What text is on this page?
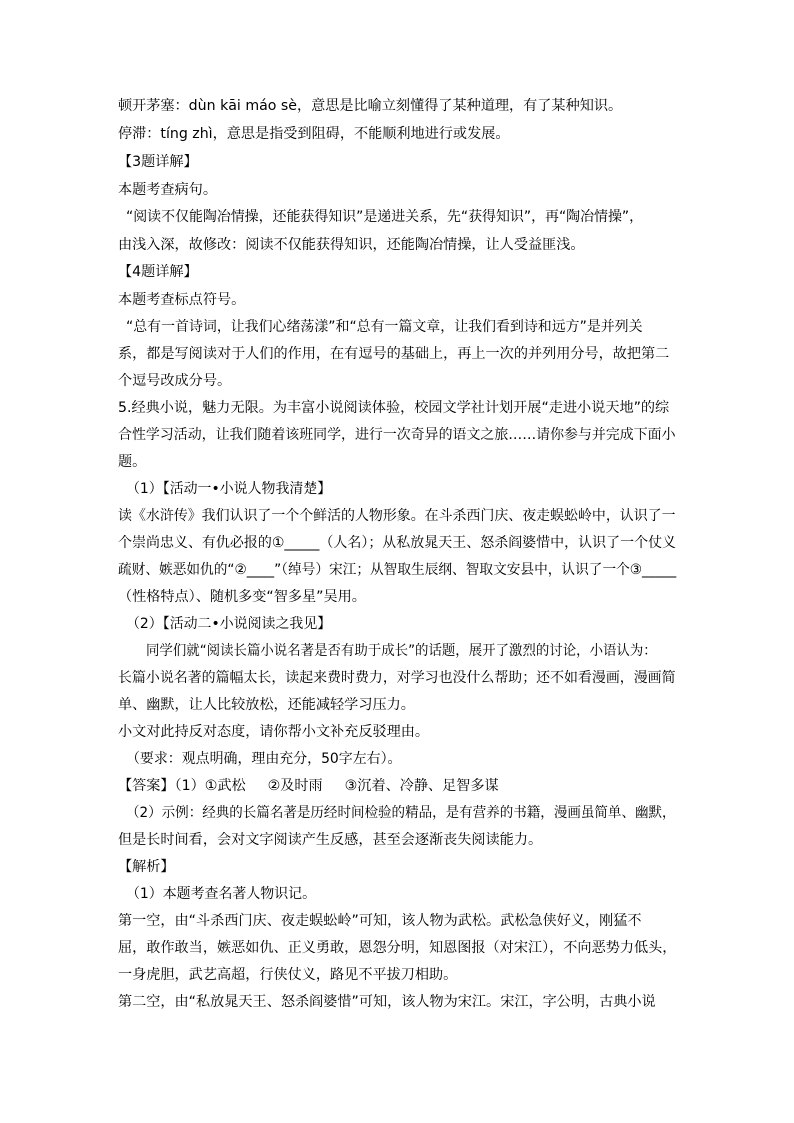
顿开茅塞：dùn kāi máo sè，意思是比喻立刻懂得了某种道理，有了某种知识。
停滞：tíng zhì，意思是指受到阻碍，不能顺利地进行或发展。
【3题详解】
本题考查病句。
“阅读不仅能陶冶情操，还能获得知识”是递进关系，先“获得知识”，再“陶冶情操”，
由浅入深，故修改：阅读不仅能获得知识，还能陶冶情操，让人受益匪浅。
【4题详解】
本题考查标点符号。
“总有一首诗词，让我们心绪荡漾”和“总有一篇文章，让我们看到诗和远方”是并列关
系，都是写阅读对于人们的作用，在有逗号的基础上，再上一次的并列用分号，故把第二
个逗号改成分号。
5.经典小说，魅力无限。为丰富小说阅读体验，校园文学社计划开展“走进小说天地”的综
合性学习活动，让我们随着该班同学，进行一次奇异的语文之旅……请你参与并完成下面小
题。
（1）【活动一•小说人物我清楚】
读《水浒传》我们认识了一个个鲜活的人物形象。在斗杀西门庆、夜走蜈蚣岭中，认识了一
个崇尚忠义、有仇必报的①_____（人名）；从私放晁天王、怒杀阎婆惜中，认识了一个仗义
疏财、嫉恶如仇的“②____”（绰号）宋江；从智取生辰纲、智取文安县中，认识了一个③_____
（性格特点）、随机多变“智多星”吴用。
（2）【活动二•小说阅读之我见】
同学们就“阅读长篇小说名著是否有助于成长”的话题，展开了激烈的讨论，小语认为：
长篇小说名著的篇幅太长，读起来费时费力，对学习也没什么帮助；还不如看漫画，漫画简
单、幽默，让人比较放松，还能减轻学习压力。
小文对此持反对态度，请你帮小文补充反驳理由。
（要求：观点明确，理由充分，50字左右）。
【答案】（1）①武松 ②及时雨 ③沉着、冷静、足智多谋
（2）示例：经典的长篇名著是历经时间检验的精品，是有营养的书籍，漫画虽简单、幽默，
但是长时间看，会对文字阅读产生反感，甚至会逐渐丧失阅读能力。
【解析】
（1）本题考查名著人物识记。
第一空，由“斗杀西门庆、夜走蜈蚣岭”可知，该人物为武松。武松急侠好义，刚猛不
屈，敢作敢当，嫉恶如仇、正义勇敢，恩怨分明，知恩图报（对宋江），不向恶势力低头，
一身虎胆，武艺高超，行侠仗义，路见不平拔刀相助。
第二空，由“私放晁天王、怒杀阎婆惜”可知，该人物为宋江。宋江，字公明，古典小说
